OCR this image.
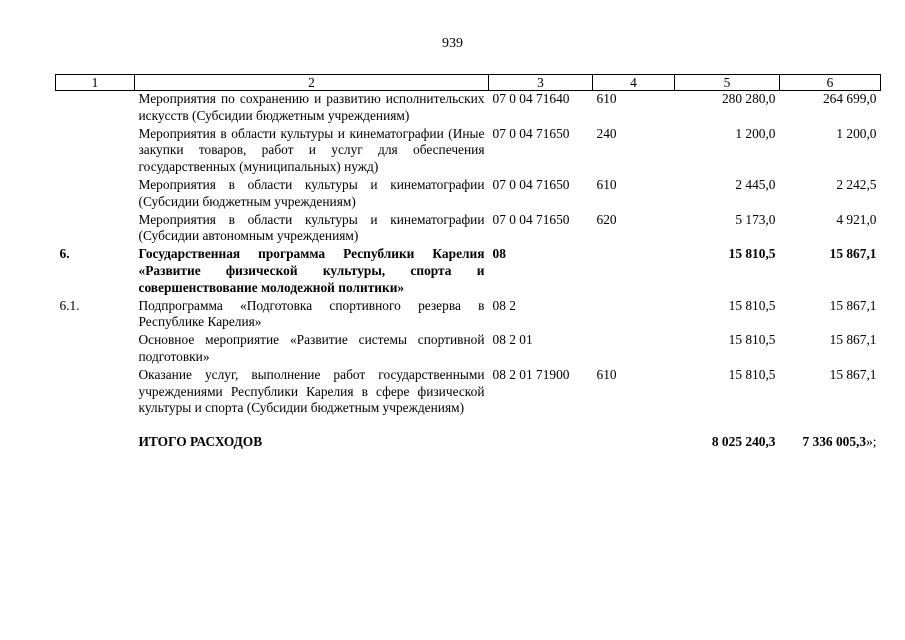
939
1	2	3	4	5	6
	Мероприятия по сохранению и развитию исполнительских искусств (Субсидии бюджетным учреждениям)	07 0 04 71640	610	280 280,0	264 699,0
	Мероприятия в области культуры и кинематографии (Иные закупки товаров, работ и услуг для обеспечения государственных (муниципальных) нужд)	07 0 04 71650	240	1 200,0	1 200,0
	Мероприятия в области культуры и кинематографии (Субсидии бюджетным учреждениям)	07 0 04 71650	610	2 445,0	2 242,5
	Мероприятия в области культуры и кинематографии (Субсидии автономным учреждениям)	07 0 04 71650	620	5 173,0	4 921,0
6.	Государственная программа Республики Карелия «Развитие физической культуры, спорта и совершенствование молодежной политики»	08		15 810,5	15 867,1
6.1.	Подпрограмма «Подготовка спортивного резерва в Республике Карелия»	08 2		15 810,5	15 867,1
	Основное мероприятие «Развитие системы спортивной подготовки»	08 2 01		15 810,5	15 867,1
	Оказание услуг, выполнение работ государственными учреждениями Республики Карелия в сфере физической культуры и спорта (Субсидии бюджетным учреждениям)	08 2 01 71900	610	15 810,5	15 867,1
	ИТОГО РАСХОДОВ			8 025 240,3	7 336 005,3»;
